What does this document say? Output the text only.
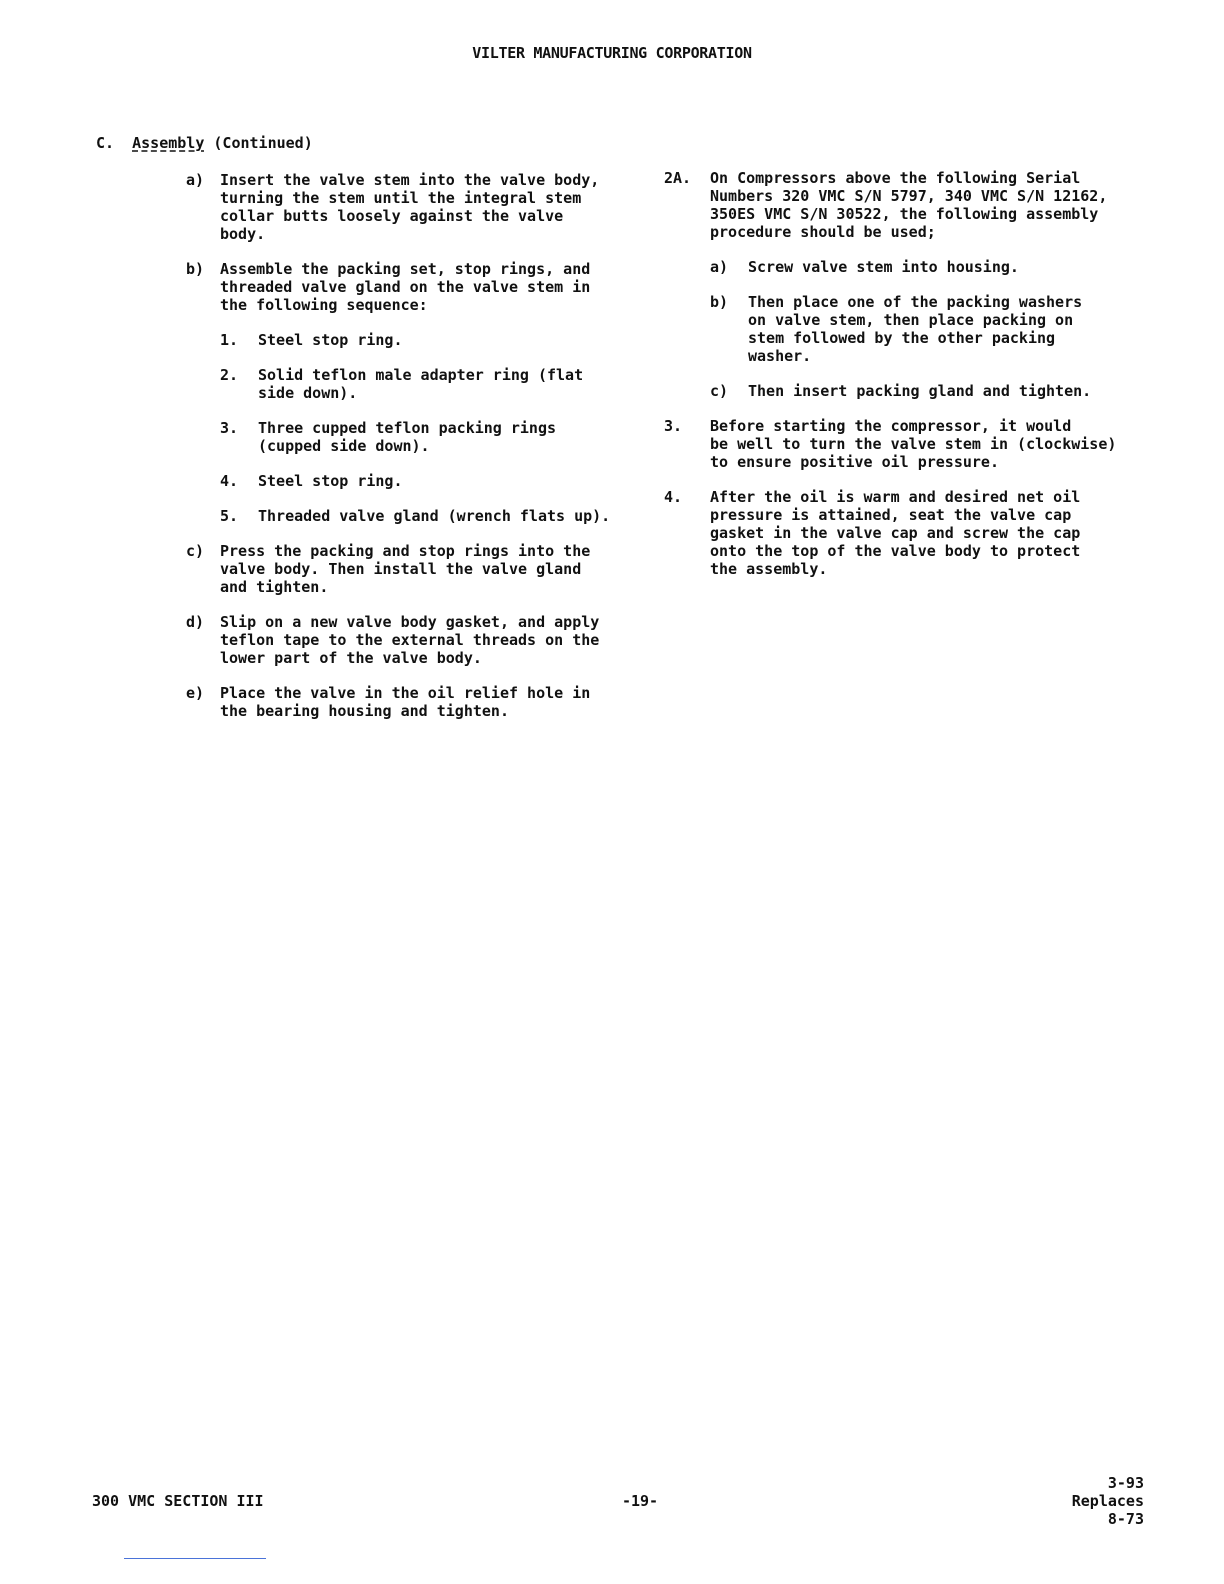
VILTER MANUFACTURING CORPORATION
C. Assembly (Continued)
a)	Insert the valve stem into the valve body,
turning the stem until the integral stem
collar butts loosely against the valve
body.
b)	Assemble the packing set, stop rings, and
threaded valve gland on the valve stem in
the following sequence:
1.	Steel stop ring.
2.	Solid teflon male adapter ring (flat
side down).
3.	Three cupped teflon packing rings
(cupped side down).
4.	Steel stop ring.
5.	Threaded valve gland (wrench flats up).
c)	Press the packing and stop rings into the
valve body. Then install the valve gland
and tighten.
d)	Slip on a new valve body gasket, and apply
teflon tape to the external threads on the
lower part of the valve body.
e)	Place the valve in the oil relief hole in
the bearing housing and tighten.
2A.	On Compressors above the following Serial
Numbers 320 VMC S/N 5797, 340 VMC S/N 12162,
350ES VMC S/N 30522, the following assembly
procedure should be used;
a)	Screw valve stem into housing.
b)	Then place one of the packing washers
on valve stem, then place packing on
stem followed by the other packing
washer.
c)	Then insert packing gland and tighten.
3.	Before starting the compressor, it would
be well to turn the valve stem in (clockwise)
to ensure positive oil pressure.
4.	After the oil is warm and desired net oil
pressure is attained, seat the valve cap
gasket in the valve cap and screw the cap
onto the top of the valve body to protect
the assembly.
300 VMC SECTION III	-19-
3-93
Replaces
8-73
